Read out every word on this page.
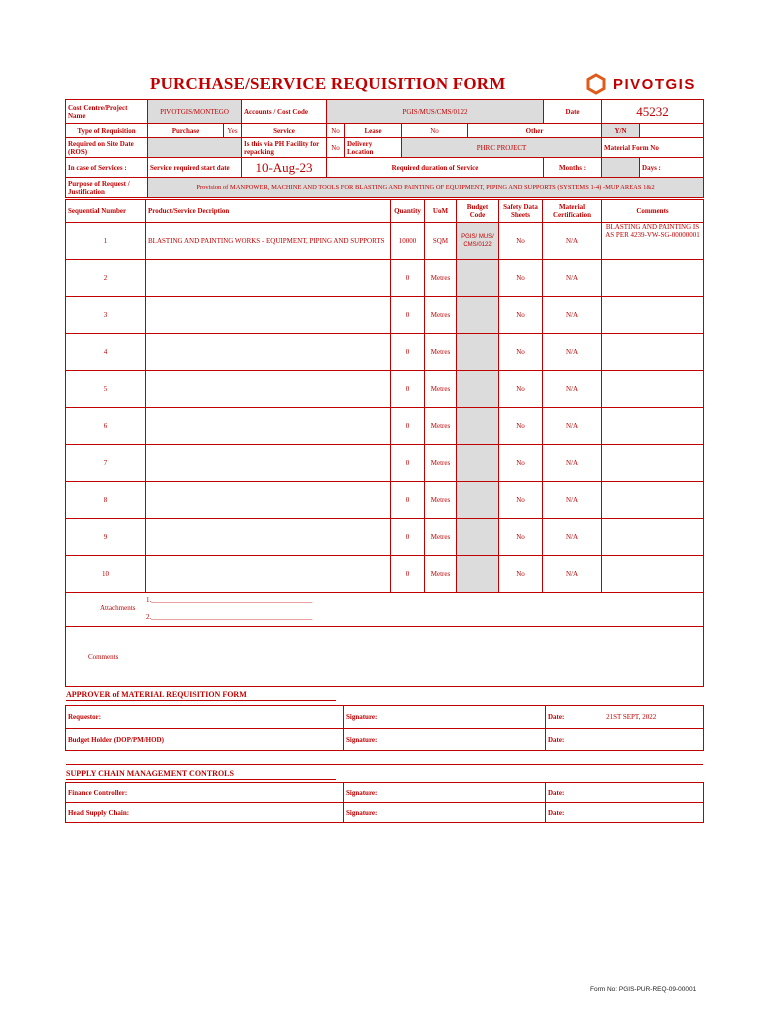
PURCHASE/SERVICE REQUISITION FORM	PIVOTGIS
Cost Centre/Project Name	PIVOTGIS/MONTEGO		Accounts / Cost Code	PGIS/MUS/CMS/0122				Date	45232	
Type of Requisition	Purchase	Yes	Service	No	Lease	No	Other		Y/N	
Required on Site Date (ROS)			Is this via PH Facility for repacking	No	Delivery Location	PHRC PROJECT			Material Form No	
In case of Services :	Service required start date		10-Aug-23	Required duration of Service				Months :		Days :
Purpose of Request / Justification	Provision of MANPOWER, MACHINE AND TOOLS FOR BLASTING AND PAINTING OF EQUIPMENT, PIPING AND SUPPORTS (SYSTEMS 1-4) -MUP AREAS 1&2									
Sequential Number	Product/Service Decription	Quantity	UoM	Budget Code	Safety Data Sheets	Material Certification	Comments
1	BLASTING AND PAINTING WORKS - EQUIPMENT, PIPING AND SUPPORTS	10000	SQM	PGIS/ MUS/ CMS/0122	No	N/A	BLASTING AND PAINTING IS AS PER 4239-VW-SG-00000001
2		0	Metres		No	N/A	
3		0	Metres		No	N/A	
4		0	Metres		No	N/A	
5		0	Metres		No	N/A	
6		0	Metres		No	N/A	
7		0	Metres		No	N/A	
8		0	Metres		No	N/A	
9		0	Metres		No	N/A	
10		0	Metres		No	N/A	

1.______________________________________________
Attachments
2.______________________________________________
Comments
APPROVER of MATERIAL REQUISITION FORM
Requestor:	Signature:	Date: 21ST SEPT, 2022
Budget Holder (DOP/PM/HOD)	Signature:	Date:
SUPPLY CHAIN MANAGEMENT CONTROLS
Finance Controller:	Signature:	Date:
Head Supply Chain:	Signature:	Date:
Form No: PGIS-PUR-REQ-09-00001
